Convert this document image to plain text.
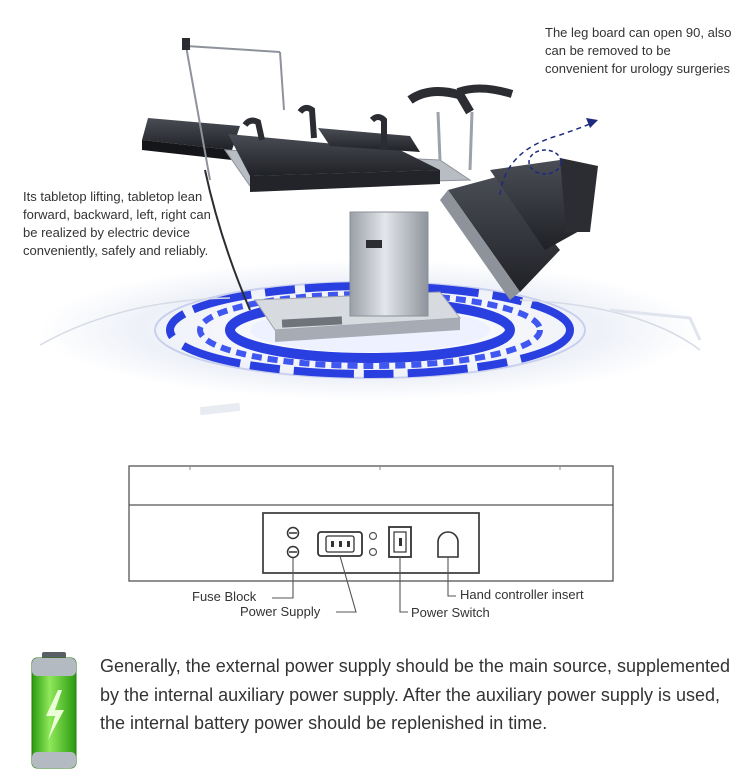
Its tabletop lifting, tabletop lean forward, backward, left, right can be realized by electric device conveniently, safely and reliably.
The leg board can open 90, also can be removed to be convenient for urology surgeries
Fuse Block
Power Supply	Power Switch
Hand controller insert
Generally, the external power supply should be the main source, supplemented by the internal auxiliary power supply. After the auxiliary power supply is used, the internal battery power should be replenished in time.
